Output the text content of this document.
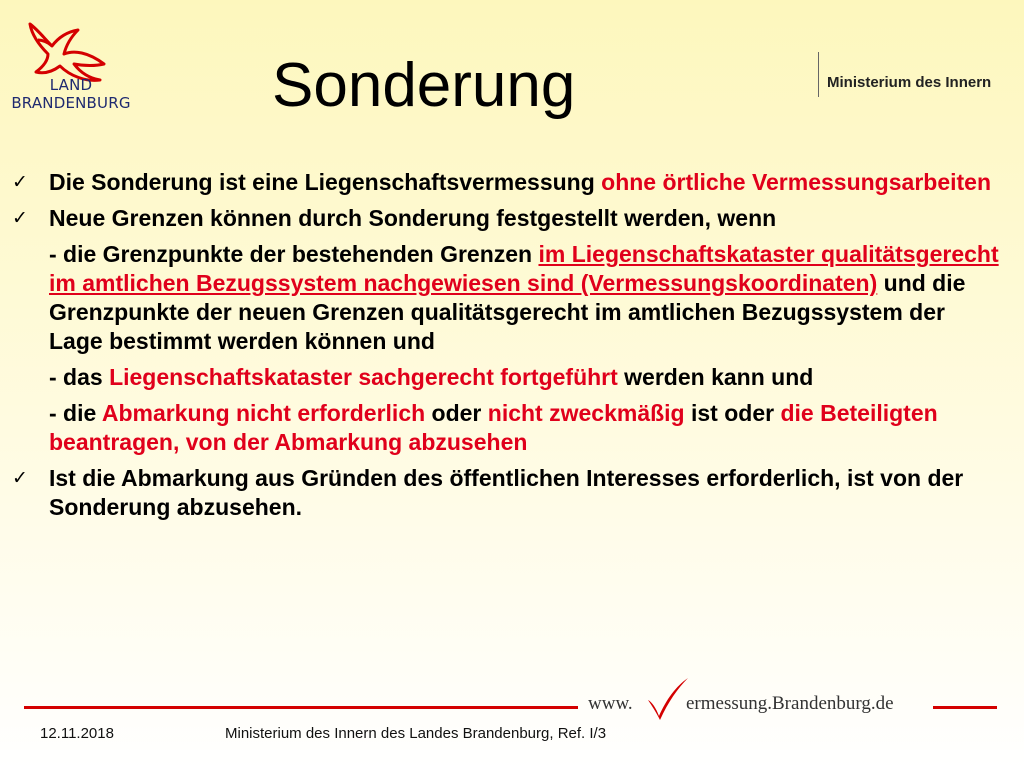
LAND
BRANDENBURG Sonderung	Ministerium des Innern
✓ Die Sonderung ist eine Liegenschaftsvermessung ohne örtliche Vermessungsarbeiten
✓ Neue Grenzen können durch Sonderung festgestellt werden, wenn
- die Grenzpunkte der bestehenden Grenzen im Liegenschaftskataster qualitätsgerecht im amtlichen Bezugssystem nachgewiesen sind (Vermessungskoordinaten) und die Grenzpunkte der neuen Grenzen qualitätsgerecht im amtlichen Bezugssystem der Lage bestimmt werden können und
- das Liegenschaftskataster sachgerecht fortgeführt werden kann und
- die Abmarkung nicht erforderlich oder nicht zweckmäßig ist oder die Beteiligten beantragen, von der Abmarkung abzusehen
✓ Ist die Abmarkung aus Gründen des öffentlichen Interesses erforderlich, ist von der Sonderung abzusehen.
www.	ermessung.Brandenburg.de
12.11.2018	Ministerium des Innern des Landes Brandenburg, Ref. I/3
